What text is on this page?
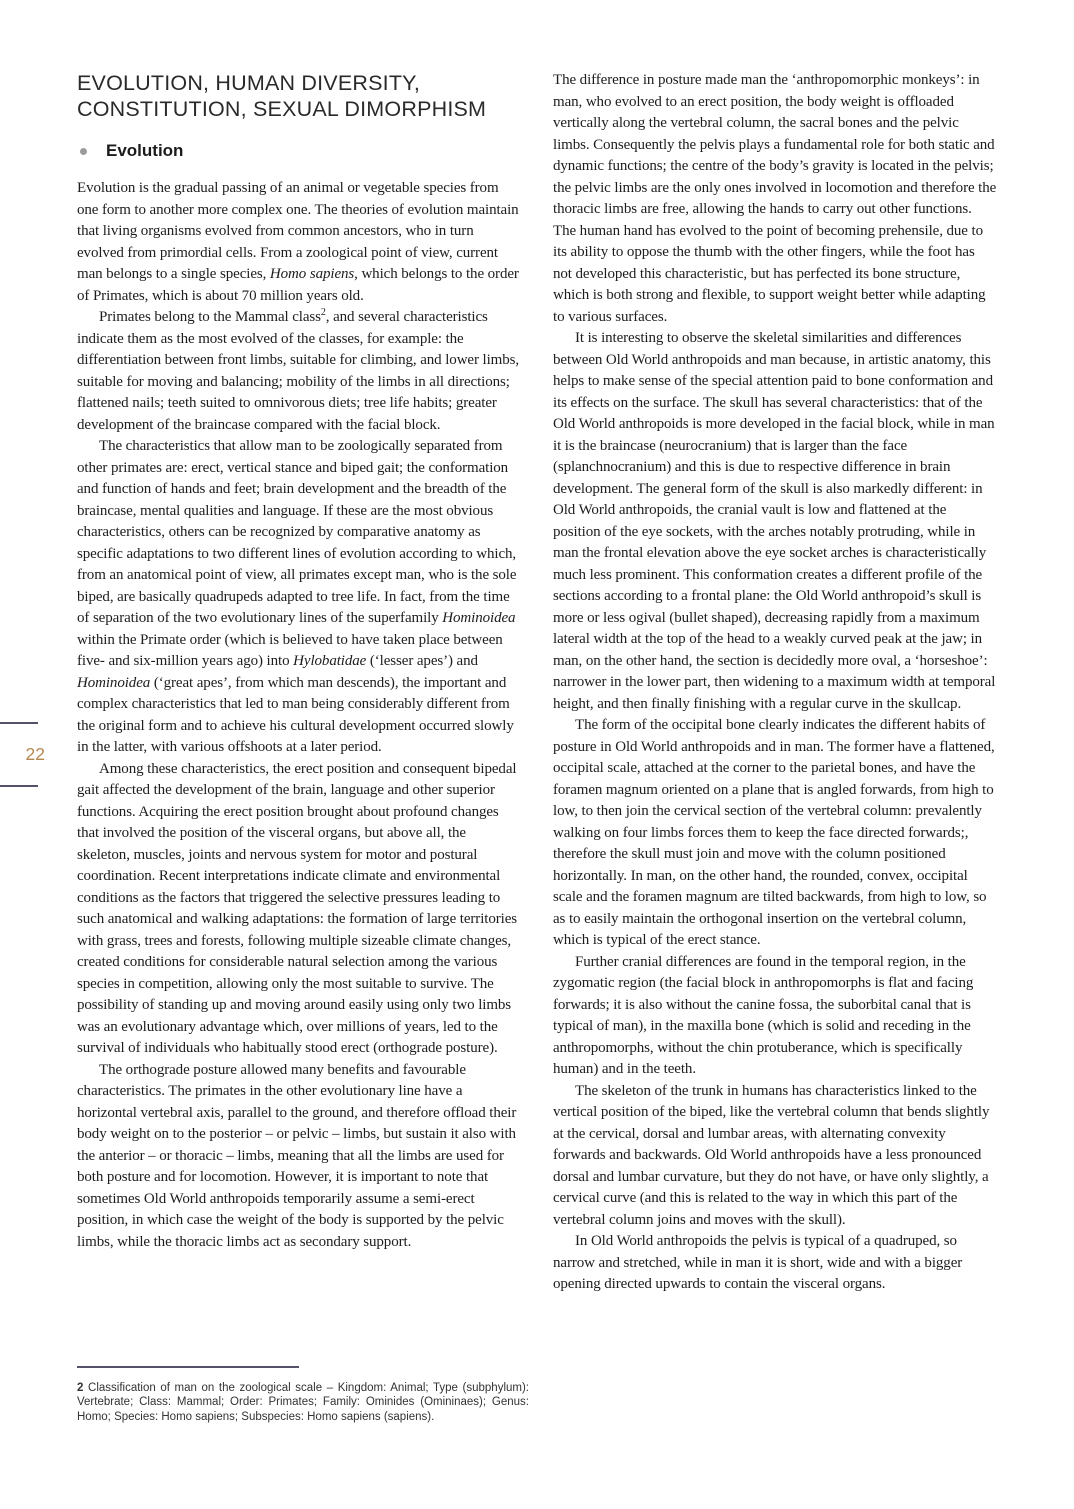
22
EVOLUTION, HUMAN DIVERSITY,
CONSTITUTION, SEXUAL DIMORPHISM
Evolution

Evolution is the gradual passing of an animal or vegetable species from one form to another more complex one. The theories of evolution maintain that living organisms evolved from common ancestors, who in turn evolved from primordial cells. From a zoological point of view, current man belongs to a single species, Homo sapiens, which belongs to the order of Primates, which is about 70 million years old.

Primates belong to the Mammal class$^2$, and several characteristics indicate them as the most evolved of the classes, for example: the differentiation between front limbs, suitable for climbing, and lower limbs, suitable for moving and balancing; mobility of the limbs in all directions; flattened nails; teeth suited to omnivorous diets; tree life habits; greater development of the braincase compared with the facial block.

The characteristics that allow man to be zoologically separated from other primates are: erect, vertical stance and biped gait; the conformation and function of hands and feet; brain development and the breadth of the braincase, mental qualities and language. If these are the most obvious characteristics, others can be recognized by comparative anatomy as specific adaptations to two different lines of evolution according to which, from an anatomical point of view, all primates except man, who is the sole biped, are basically quadrupeds adapted to tree life. In fact, from the time of separation of the two evolutionary lines of the superfamily Hominoidea within the Primate order (which is believed to have taken place between five- and six-million years ago) into Hylobatidae (‘lesser apes’) and Hominoidea (‘great apes’, from which man descends), the important and complex characteristics that led to man being considerably different from the original form and to achieve his cultural development occurred slowly in the latter, with various offshoots at a later period.

Among these characteristics, the erect position and consequent bipedal gait affected the development of the brain, language and other superior functions. Acquiring the erect position brought about profound changes that involved the position of the visceral organs, but above all, the skeleton, muscles, joints and nervous system for motor and postural coordination. Recent interpretations indicate climate and environmental conditions as the factors that triggered the selective pressures leading to such anatomical and walking adaptations: the formation of large territories with grass, trees and forests, following multiple sizeable climate changes, created conditions for considerable natural selection among the various species in competition, allowing only the most suitable to survive. The possibility of standing up and moving around easily using only two limbs was an evolutionary advantage which, over millions of years, led to the survival of individuals who habitually stood erect (orthograde posture).

The orthograde posture allowed many benefits and favourable characteristics. The primates in the other evolutionary line have a horizontal vertebral axis, parallel to the ground, and therefore offload their body weight on to the posterior – or pelvic – limbs, but sustain it also with the anterior – or thoracic – limbs, meaning that all the limbs are used for both posture and for locomotion. However, it is important to note that sometimes Old World anthropoids temporarily assume a semi-erect position, in which case the weight of the body is supported by the pelvic limbs, while the thoracic limbs act as secondary support.

The difference in posture made man the ‘anthropomorphic monkeys’: in man, who evolved to an erect position, the body weight is offloaded vertically along the vertebral column, the sacral bones and the pelvic limbs. Consequently the pelvis plays a fundamental role for both static and dynamic functions; the centre of the body’s gravity is located in the pelvis; the pelvic limbs are the only ones involved in locomotion and therefore the thoracic limbs are free, allowing the hands to carry out other functions. The human hand has evolved to the point of becoming prehensile, due to its ability to oppose the thumb with the other fingers, while the foot has not developed this characteristic, but has perfected its bone structure, which is both strong and flexible, to support weight better while adapting to various surfaces.

It is interesting to observe the skeletal similarities and differences between Old World anthropoids and man because, in artistic anatomy, this helps to make sense of the special attention paid to bone conformation and its effects on the surface. The skull has several characteristics: that of the Old World anthropoids is more developed in the facial block, while in man it is the braincase (neurocranium) that is larger than the face (splanchnocranium) and this is due to respective difference in brain development. The general form of the skull is also markedly different: in Old World anthropoids, the cranial vault is low and flattened at the position of the eye sockets, with the arches notably protruding, while in man the frontal elevation above the eye socket arches is characteristically much less prominent. This conformation creates a different profile of the sections according to a frontal plane: the Old World anthropoid’s skull is more or less ogival (bullet shaped), decreasing rapidly from a maximum lateral width at the top of the head to a weakly curved peak at the jaw; in man, on the other hand, the section is decidedly more oval, a ‘horseshoe’: narrower in the lower part, then widening to a maximum width at temporal height, and then finally finishing with a regular curve in the skullcap.

The form of the occipital bone clearly indicates the different habits of posture in Old World anthropoids and in man. The former have a flattened, occipital scale, attached at the corner to the parietal bones, and have the foramen magnum oriented on a plane that is angled forwards, from high to low, to then join the cervical section of the vertebral column: prevalently walking on four limbs forces them to keep the face directed forwards;, therefore the skull must join and move with the column positioned horizontally. In man, on the other hand, the rounded, convex, occipital scale and the foramen magnum are tilted backwards, from high to low, so as to easily maintain the orthogonal insertion on the vertebral column, which is typical of the erect stance.

Further cranial differences are found in the temporal region, in the zygomatic region (the facial block in anthropomorphs is flat and facing forwards; it is also without the canine fossa, the suborbital canal that is typical of man), in the maxilla bone (which is solid and receding in the anthropomorphs, without the chin protuberance, which is specifically human) and in the teeth.

The skeleton of the trunk in humans has characteristics linked to the vertical position of the biped, like the vertebral column that bends slightly at the cervical, dorsal and lumbar areas, with alternating convexity forwards and backwards. Old World anthropoids have a less pronounced dorsal and lumbar curvature, but they do not have, or have only slightly, a cervical curve (and this is related to the way in which this part of the vertebral column joins and moves with the skull).

In Old World anthropoids the pelvis is typical of a quadruped, so narrow and stretched, while in man it is short, wide and with a bigger opening directed upwards to contain the visceral organs.

2 Classification of man on the zoological scale – Kingdom: Animal; Type (subphylum): Vertebrate; Class: Mammal; Order: Primates; Family: Ominides (Omininaes); Genus: Homo; Species: Homo sapiens; Subspecies: Homo sapiens (sapiens).
